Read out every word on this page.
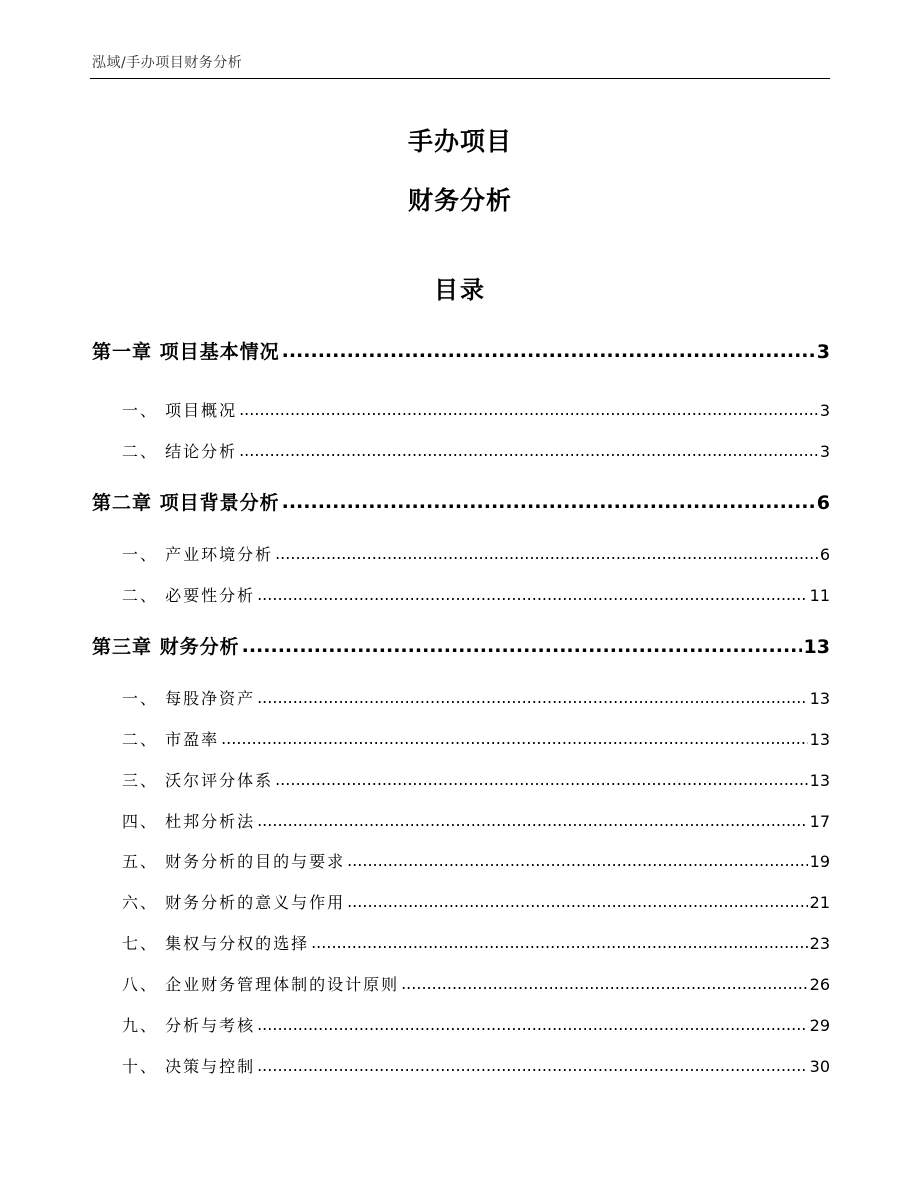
泓域/手办项目财务分析
手办项目
财务分析
目录
第一章 项目基本情况 .....	3
一、 项目概况 .....	3
二、 结论分析 .....	3
第二章 项目背景分析 .....	6
一、 产业环境分析 .....	6
二、 必要性分析 .....	11
第三章 财务分析 .....	13
一、 每股净资产 .....	13
二、 市盈率 .....	13
三、 沃尔评分体系 .....	13
四、 杜邦分析法 .....	17
五、 财务分析的目的与要求 .....	19
六、 财务分析的意义与作用 .....	21
七、 集权与分权的选择 .....	23
八、 企业财务管理体制的设计原则 .....	26
九、 分析与考核 .....	29
十、 决策与控制 .....	30
